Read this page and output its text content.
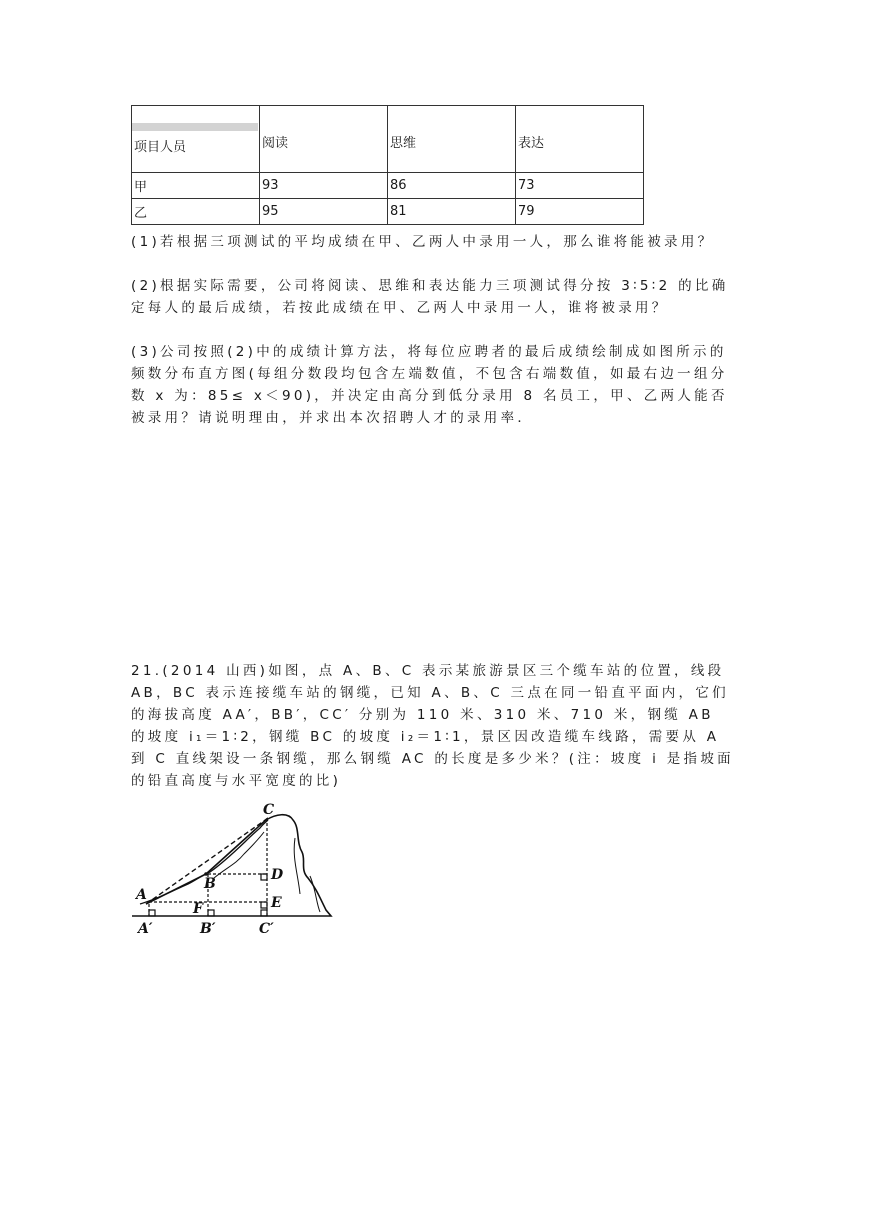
项目人员	阅读	思维	表达

甲	93	86	73
乙	95	81	79

(1)若根据三项测试的平均成绩在甲、乙两人中录用一人，那么谁将能被录用？

(2)根据实际需要，公司将阅读、思维和表达能力三项测试得分按 3∶5∶2 的比确定每人的最后成绩，若按此成绩在甲、乙两人中录用一人，谁将被录用？

(3)公司按照(2)中的成绩计算方法，将每位应聘者的最后成绩绘制成如图所示的频数分布直方图(每组分数段均包含左端数值，不包含右端数值，如最右边一组分数 x 为：85≤ x＜90)，并决定由高分到低分录用 8 名员工，甲、乙两人能否被录用？请说明理由，并求出本次招聘人才的录用率．

21.(2014 山西)如图，点 A、B、C 表示某旅游景区三个缆车站的位置，线段 AB，BC 表示连接缆车站的钢缆，已知 A、B、C 三点在同一铅直平面内，它们的海拔高度 AA′，BB′，CC′ 分别为 110 米、310 米、710 米，钢缆 AB 的坡度 i₁＝1∶2，钢缆 BC 的坡度 i₂＝1∶1，景区因改造缆车线路，需要从 A 到 C 直线架设一条钢缆，那么钢缆 AC 的长度是多少米？(注：坡度 i 是指坡面的铅直高度与水平宽度的比)

A
B
C
D
E
F
A′	B′	C′
